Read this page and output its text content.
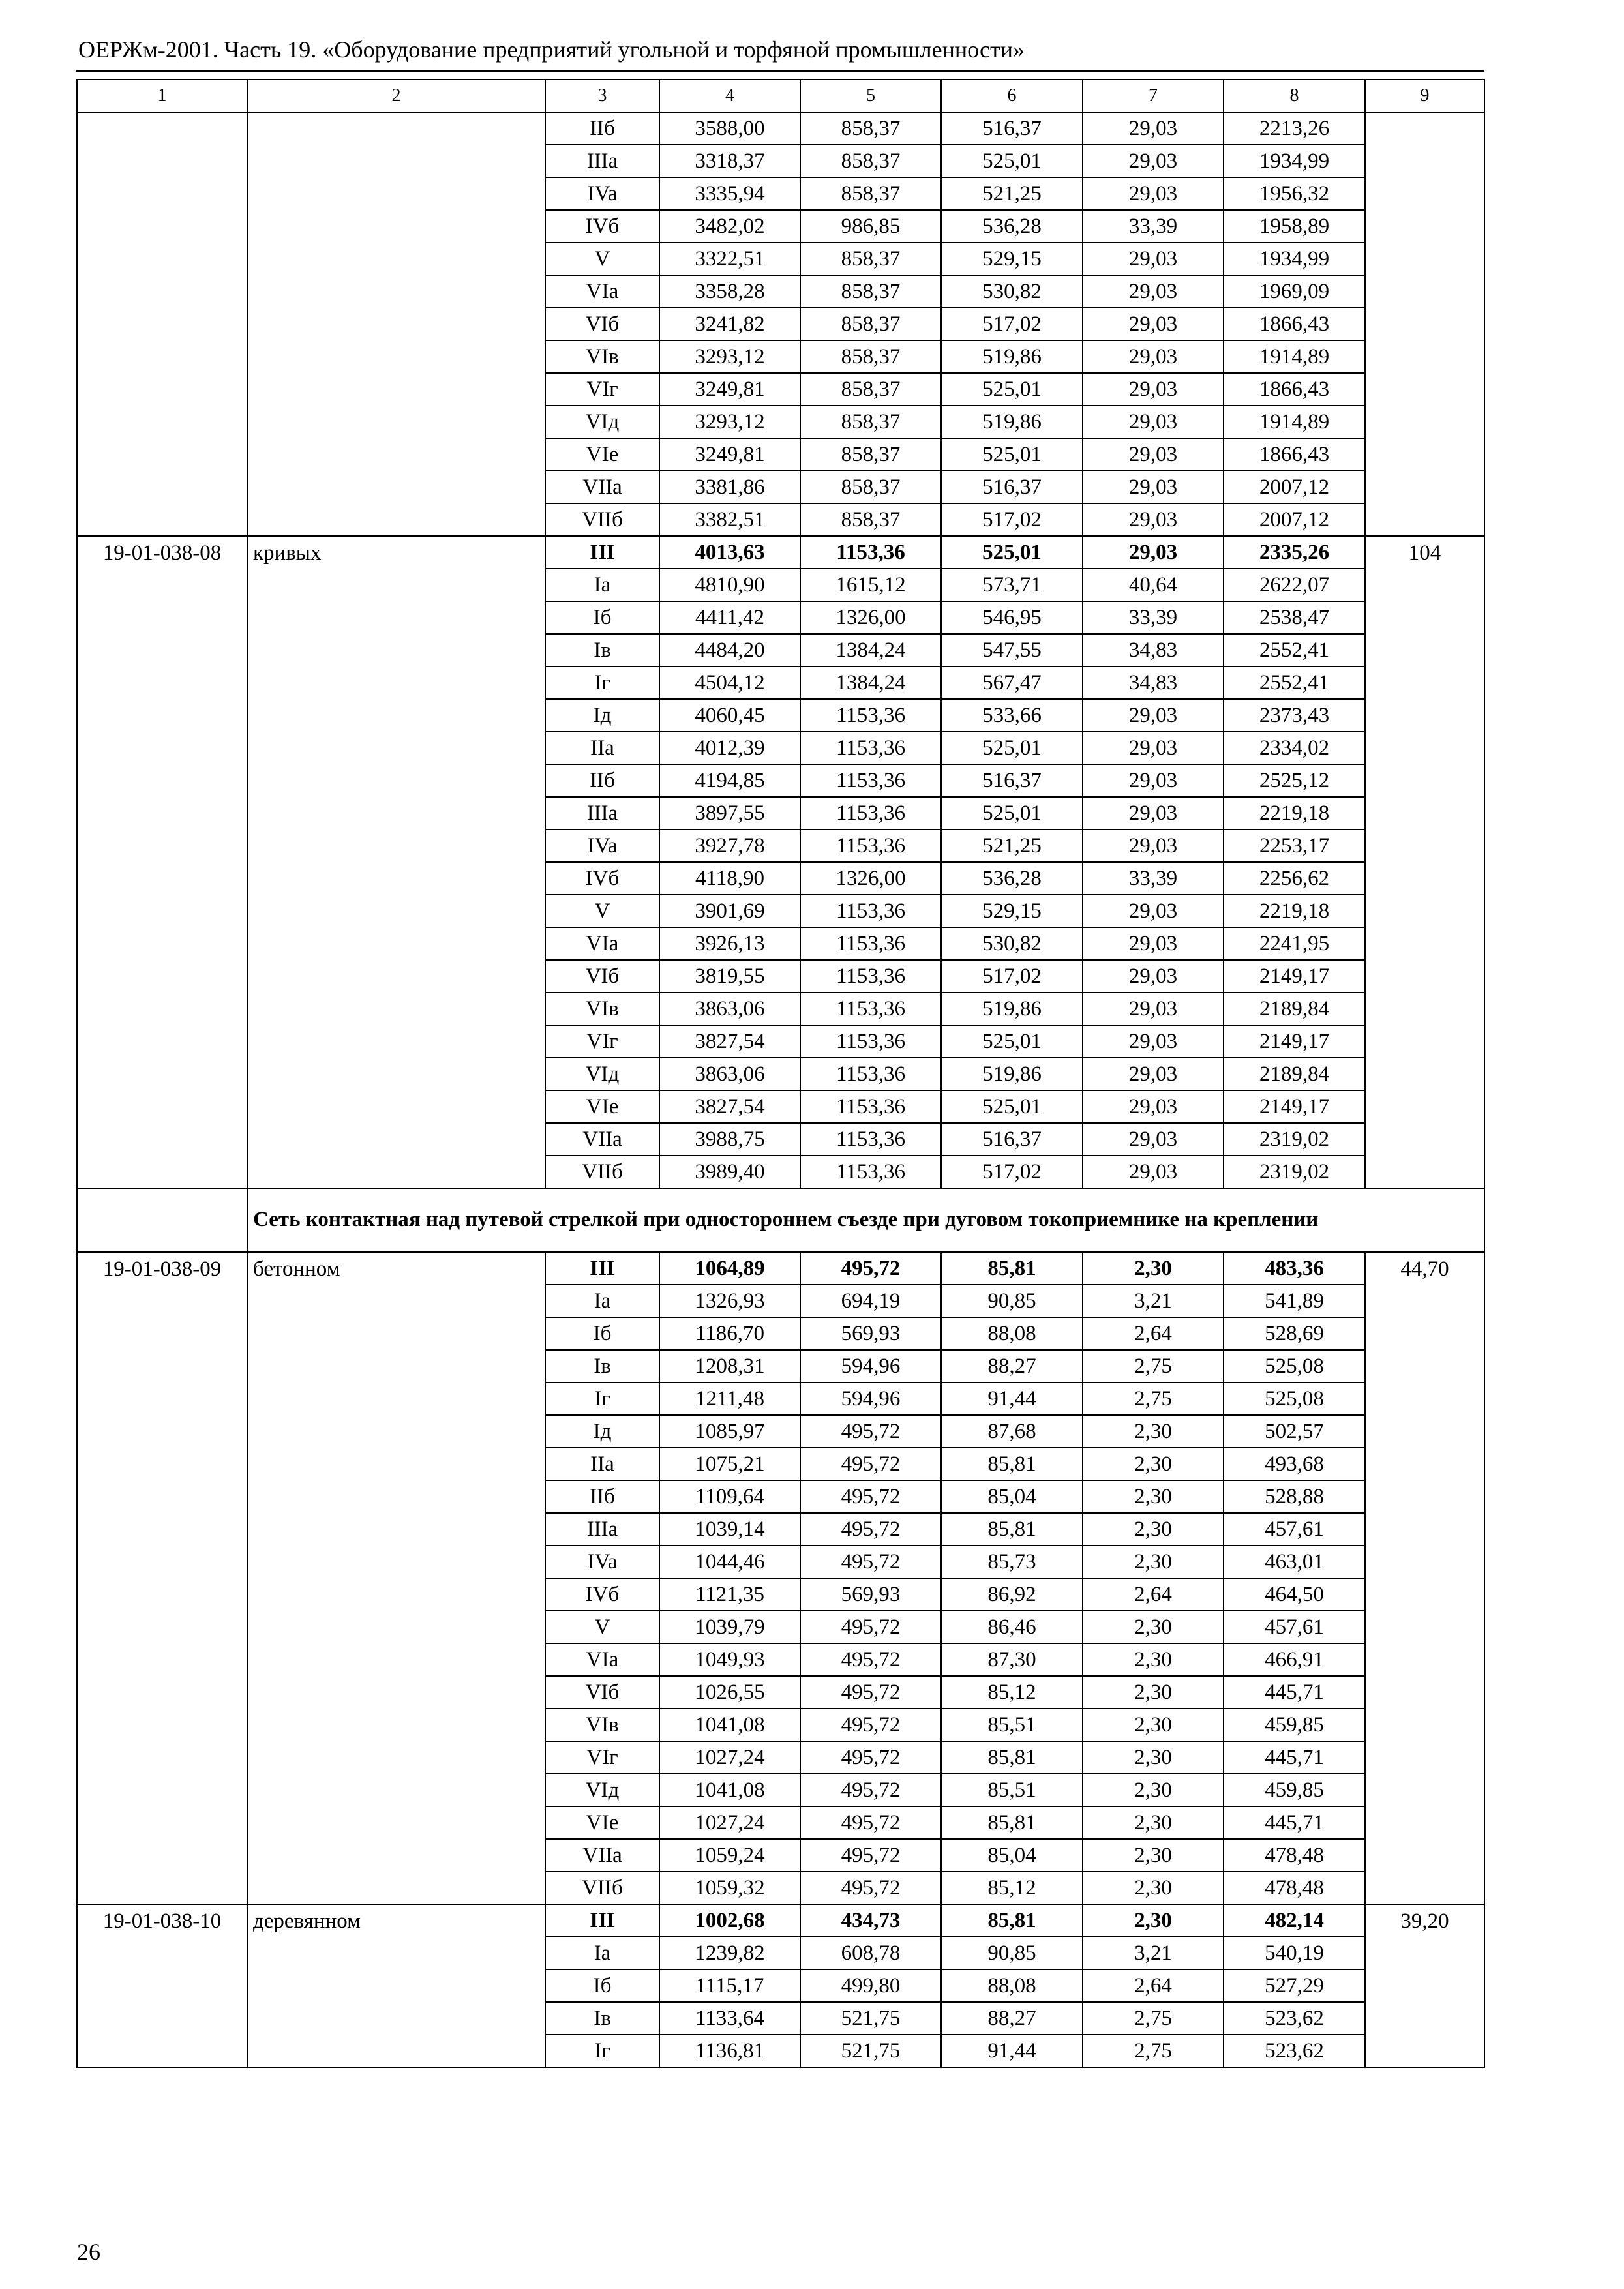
ОЕРЖм-2001. Часть 19. «Оборудование предприятий угольной и торфяной промышленности»
1	2	3	4	5	6	7	8	9
		IIб	3588,00	858,37	516,37	29,03	2213,26	
		IIIa	3318,37	858,37	525,01	29,03	1934,99	
		IVa	3335,94	858,37	521,25	29,03	1956,32	
		IVб	3482,02	986,85	536,28	33,39	1958,89	
		V	3322,51	858,37	529,15	29,03	1934,99	
		VIa	3358,28	858,37	530,82	29,03	1969,09	
		VIб	3241,82	858,37	517,02	29,03	1866,43	
		VIв	3293,12	858,37	519,86	29,03	1914,89	
		VIг	3249,81	858,37	525,01	29,03	1866,43	
		VIд	3293,12	858,37	519,86	29,03	1914,89	
		VIe	3249,81	858,37	525,01	29,03	1866,43	
		VIIa	3381,86	858,37	516,37	29,03	2007,12	
		VIIб	3382,51	858,37	517,02	29,03	2007,12	
19-01-038-08	кривых	III	4013,63	1153,36	525,01	29,03	2335,26	104
		Ia	4810,90	1615,12	573,71	40,64	2622,07	
		Iб	4411,42	1326,00	546,95	33,39	2538,47	
		Iв	4484,20	1384,24	547,55	34,83	2552,41	
		Iг	4504,12	1384,24	567,47	34,83	2552,41	
		Iд	4060,45	1153,36	533,66	29,03	2373,43	
		IIa	4012,39	1153,36	525,01	29,03	2334,02	
		IIб	4194,85	1153,36	516,37	29,03	2525,12	
		IIIa	3897,55	1153,36	525,01	29,03	2219,18	
		IVa	3927,78	1153,36	521,25	29,03	2253,17	
		IVб	4118,90	1326,00	536,28	33,39	2256,62	
		V	3901,69	1153,36	529,15	29,03	2219,18	
		VIa	3926,13	1153,36	530,82	29,03	2241,95	
		VIб	3819,55	1153,36	517,02	29,03	2149,17	
		VIв	3863,06	1153,36	519,86	29,03	2189,84	
		VIг	3827,54	1153,36	525,01	29,03	2149,17	
		VIд	3863,06	1153,36	519,86	29,03	2189,84	
		VIe	3827,54	1153,36	525,01	29,03	2149,17	
		VIIa	3988,75	1153,36	516,37	29,03	2319,02	
		VIIб	3989,40	1153,36	517,02	29,03	2319,02	
	Сеть контактная над путевой стрелкой при одностороннем съезде при дуговом токоприемнике на креплении							
19-01-038-09	бетонном	III	1064,89	495,72	85,81	2,30	483,36	44,70
		Ia	1326,93	694,19	90,85	3,21	541,89	
		Iб	1186,70	569,93	88,08	2,64	528,69	
		Iв	1208,31	594,96	88,27	2,75	525,08	
		Iг	1211,48	594,96	91,44	2,75	525,08	
		Iд	1085,97	495,72	87,68	2,30	502,57	
		IIa	1075,21	495,72	85,81	2,30	493,68	
		IIб	1109,64	495,72	85,04	2,30	528,88	
		IIIa	1039,14	495,72	85,81	2,30	457,61	
		IVa	1044,46	495,72	85,73	2,30	463,01	
		IVб	1121,35	569,93	86,92	2,64	464,50	
		V	1039,79	495,72	86,46	2,30	457,61	
		VIa	1049,93	495,72	87,30	2,30	466,91	
		VIб	1026,55	495,72	85,12	2,30	445,71	
		VIв	1041,08	495,72	85,51	2,30	459,85	
		VIг	1027,24	495,72	85,81	2,30	445,71	
		VIд	1041,08	495,72	85,51	2,30	459,85	
		VIe	1027,24	495,72	85,81	2,30	445,71	
		VIIa	1059,24	495,72	85,04	2,30	478,48	
		VIIб	1059,32	495,72	85,12	2,30	478,48	
19-01-038-10	деревянном	III	1002,68	434,73	85,81	2,30	482,14	39,20
		Ia	1239,82	608,78	90,85	3,21	540,19	
		Iб	1115,17	499,80	88,08	2,64	527,29	
		Iв	1133,64	521,75	88,27	2,75	523,62	
		Iг	1136,81	521,75	91,44	2,75	523,62	
26
